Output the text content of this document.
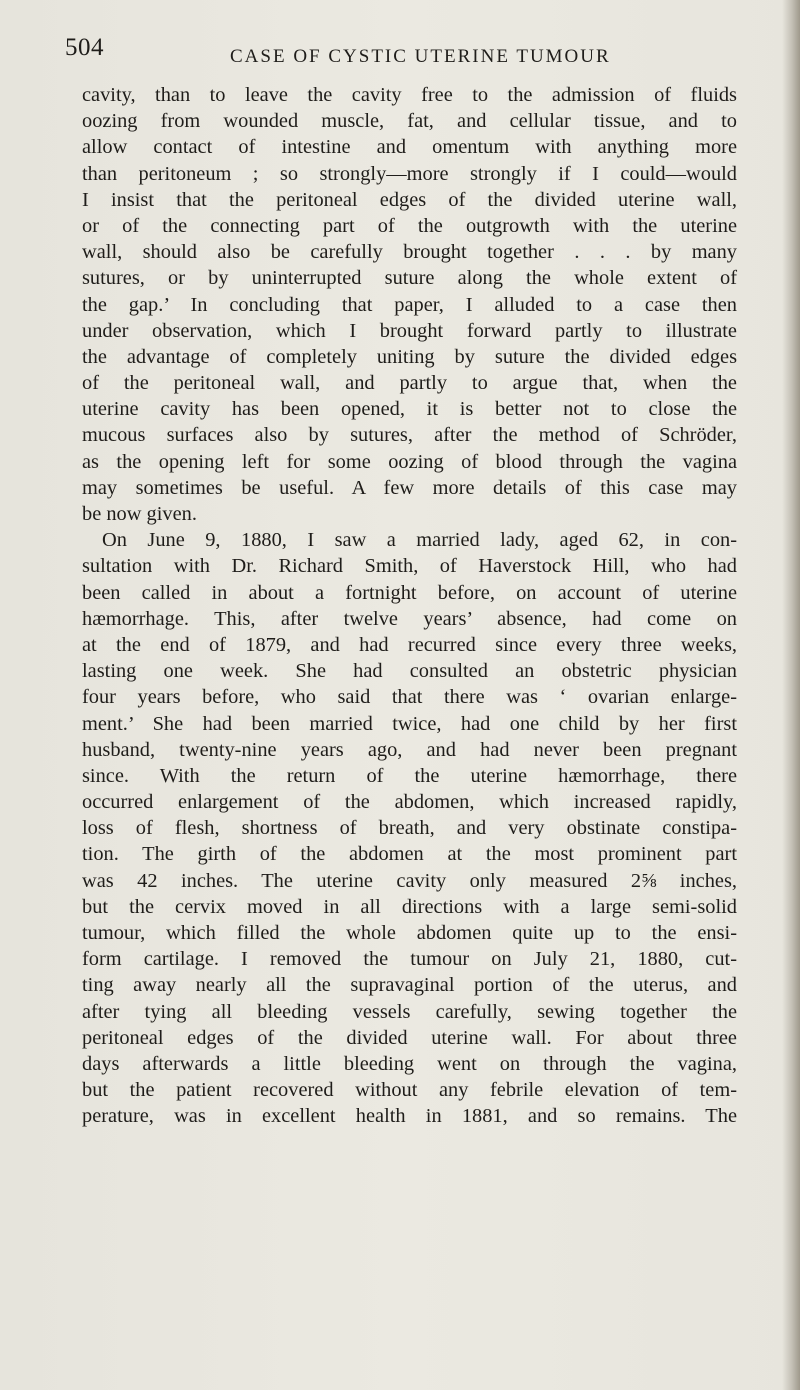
504	CASE OF CYSTIC UTERINE TUMOUR
cavity, than to leave the cavity free to the admission of fluids
oozing from wounded muscle, fat, and cellular tissue, and to
allow contact of intestine and omentum with anything more
than peritoneum ; so strongly—more strongly if I could—would
I insist that the peritoneal edges of the divided uterine wall,
or of the connecting part of the outgrowth with the uterine
wall, should also be carefully brought together . . . by many
sutures, or by uninterrupted suture along the whole extent of
the gap.’ In concluding that paper, I alluded to a case then
under observation, which I brought forward partly to illustrate
the advantage of completely uniting by suture the divided edges
of the peritoneal wall, and partly to argue that, when the
uterine cavity has been opened, it is better not to close the
mucous surfaces also by sutures, after the method of Schröder,
as the opening left for some oozing of blood through the vagina
may sometimes be useful. A few more details of this case may
be now given.
On June 9, 1880, I saw a married lady, aged 62, in con-
sultation with Dr. Richard Smith, of Haverstock Hill, who had
been called in about a fortnight before, on account of uterine
hæmorrhage. This, after twelve years’ absence, had come on
at the end of 1879, and had recurred since every three weeks,
lasting one week. She had consulted an obstetric physician
four years before, who said that there was ‘ ovarian enlarge-
ment.’ She had been married twice, had one child by her first
husband, twenty-nine years ago, and had never been pregnant
since. With the return of the uterine hæmorrhage, there
occurred enlargement of the abdomen, which increased rapidly,
loss of flesh, shortness of breath, and very obstinate constipa-
tion. The girth of the abdomen at the most prominent part
was 42 inches. The uterine cavity only measured 2⅝ inches,
but the cervix moved in all directions with a large semi-solid
tumour, which filled the whole abdomen quite up to the ensi-
form cartilage. I removed the tumour on July 21, 1880, cut-
ting away nearly all the supravaginal portion of the uterus, and
after tying all bleeding vessels carefully, sewing together the
peritoneal edges of the divided uterine wall. For about three
days afterwards a little bleeding went on through the vagina,
but the patient recovered without any febrile elevation of tem-
perature, was in excellent health in 1881, and so remains. The
